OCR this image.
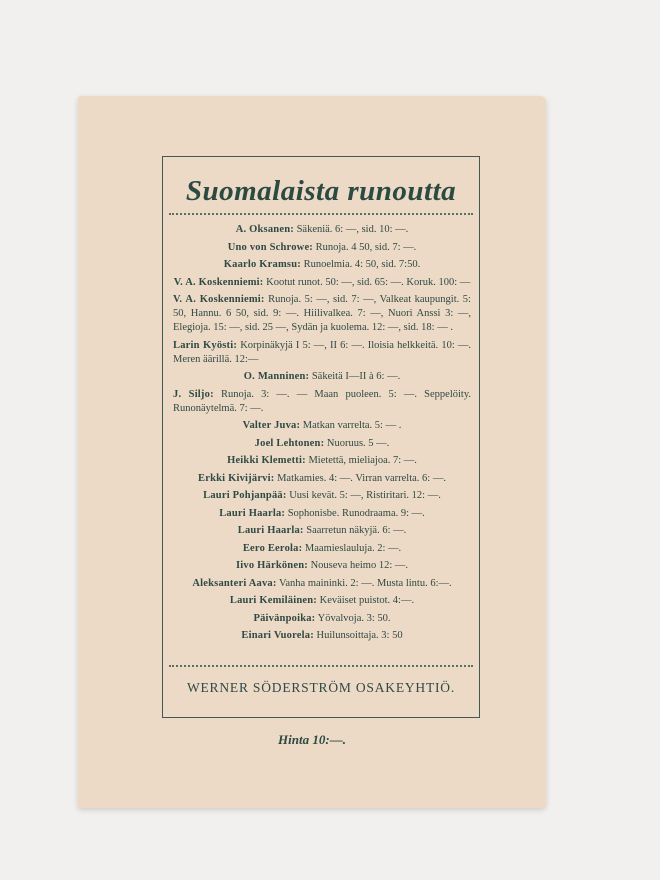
Suomalaista runoutta
A. Oksanen: Säkeniä. 6: —, sid. 10: —.
Uno von Schrowe: Runoja. 4 50, sid. 7: —.
Kaarlo Kramsu: Runoelmia. 4: 50, sid. 7:50.
V. A. Koskenniemi: Kootut runot. 50: —, sid. 65: —. Koruk. 100: —
V. A. Koskenniemi: Runoja. 5: —, sid. 7: —, Valkeat kaupungit. 5: 50, Hannu. 6 50, sid. 9: —. Hiilivalkea. 7: —, Nuori Anssi 3: —, Elegioja. 15: —, sid. 25 —, Sydän ja kuolema. 12: —, sid. 18: — .
Larin Kyösti: Korpinäkyjä I 5: —, II 6: —. Iloisia helkkeitä. 10: —. Meren äärillä. 12:—
O. Manninen: Säkeitä I—II à 6: —.
J. Siljo: Runoja. 3: —. — Maan puoleen. 5: —. Seppelöity. Runonäytelmä. 7: —.
Valter Juva: Matkan varrelta. 5: — .
Joel Lehtonen: Nuoruus. 5 —.
Heikki Klemetti: Mietettä, mieliajoa. 7: —.
Erkki Kivijärvi: Matkamies. 4: —. Virran varrelta. 6: —.
Lauri Pohjanpää: Uusi kevät. 5: —, Ristiritari. 12: —.
Lauri Haarla: Sophonisbe. Runodraama. 9: —.
Lauri Haarla: Saarretun näkyjä. 6: —.
Eero Eerola: Maamieslauluja. 2: —.
Iivo Härkönen: Nouseva heimo 12: —.
Aleksanteri Aava: Vanha maininki. 2: —. Musta lintu. 6:—.
Lauri Kemiläinen: Keväiset puistot. 4:—.
Päivänpoika: Yövalvoja. 3: 50.
Einari Vuorela: Huilunsoittaja. 3: 50
WERNER SÖDERSTRÖM OSAKEYHTIÖ.
Hinta 10:—.
